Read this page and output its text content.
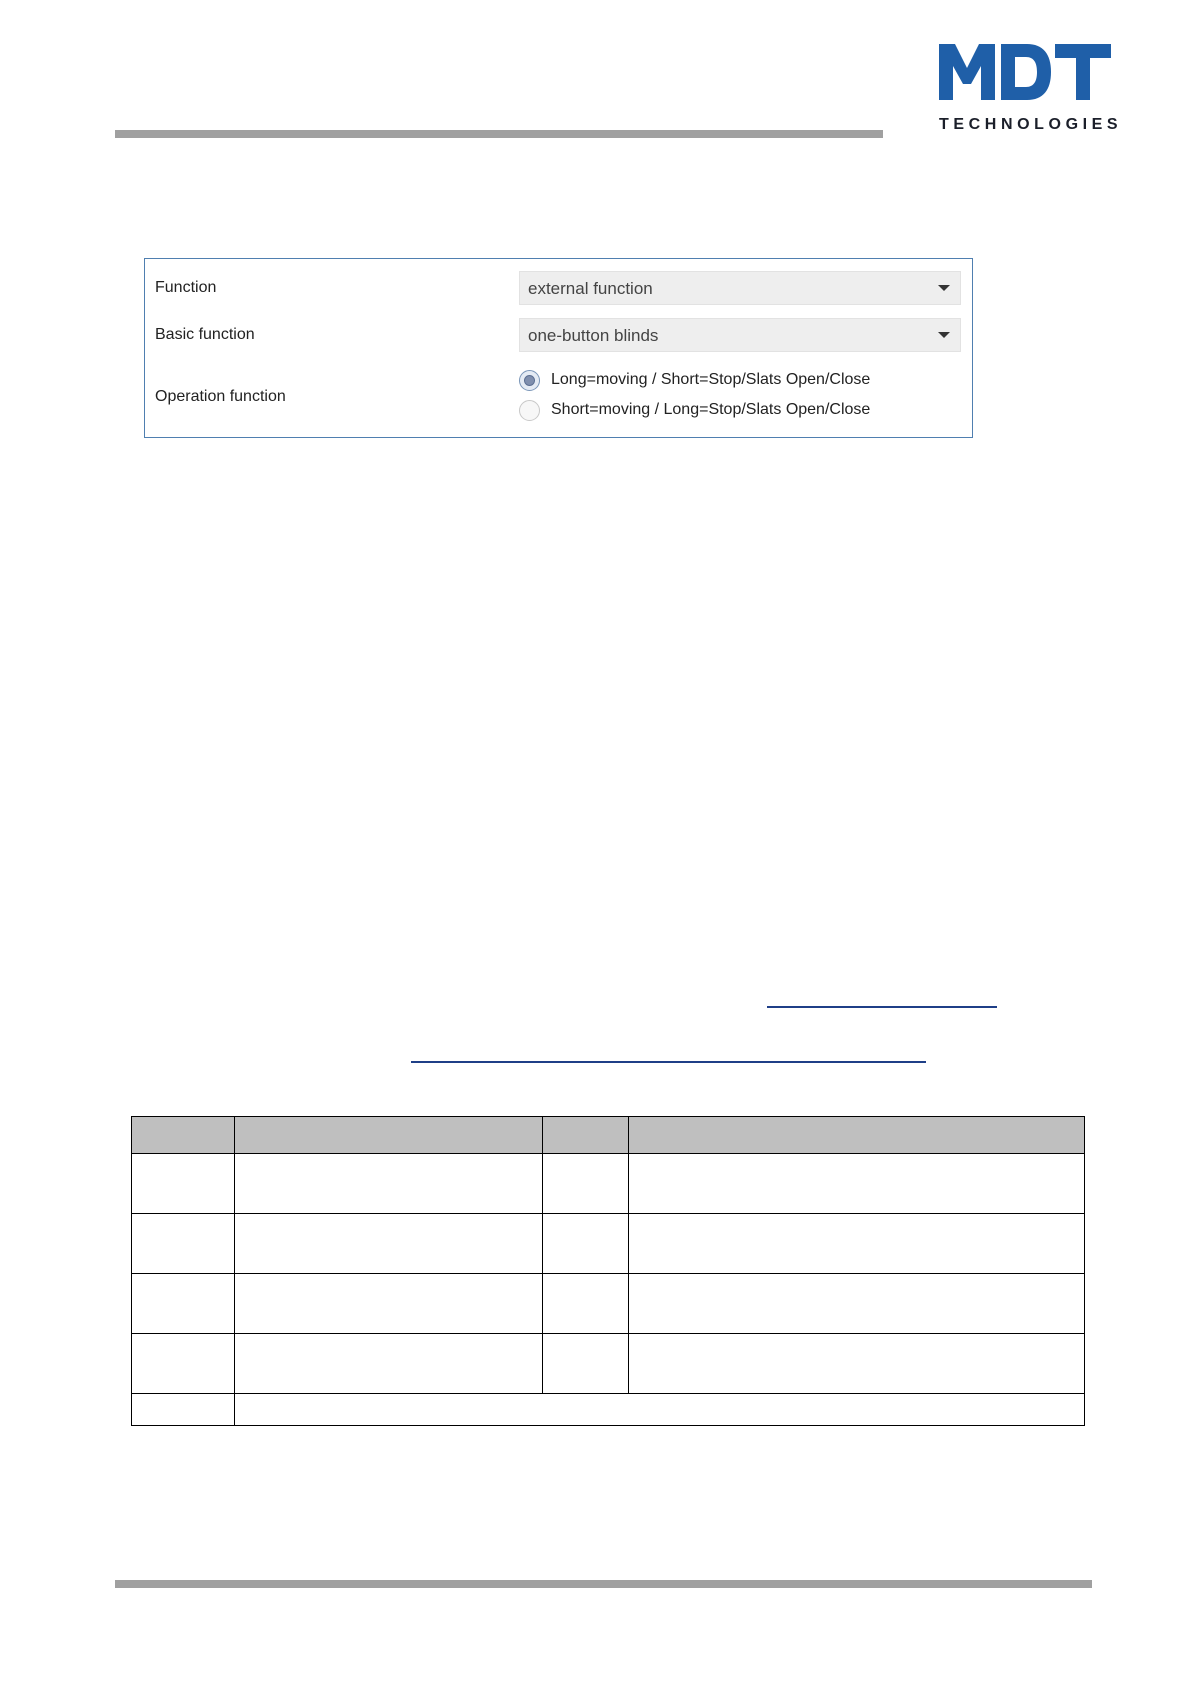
TECHNOLOGIES
Function	external function
Basic function	one-button blinds
Operation function
Long=moving / Short=Stop/Slats Open/Close
Short=moving / Long=Stop/Slats Open/Close
